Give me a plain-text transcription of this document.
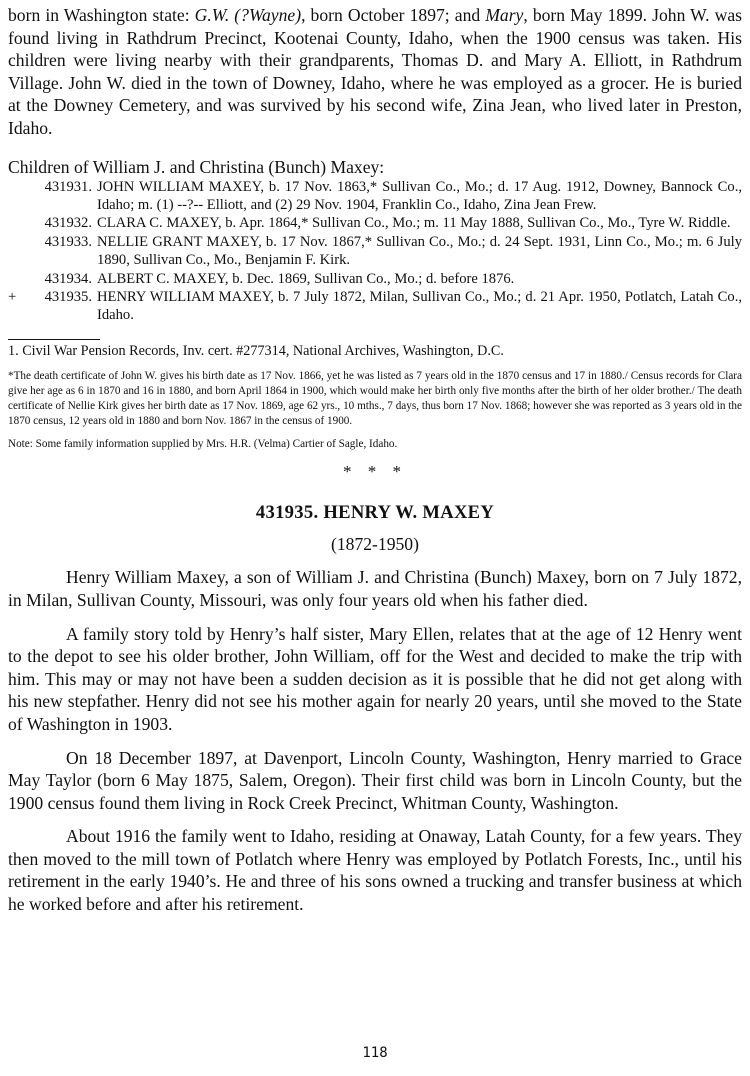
born in Washington state: G.W. (?Wayne), born October 1897; and Mary, born May 1899. John W. was found living in Rathdrum Precinct, Kootenai County, Idaho, when the 1900 census was taken. His children were living nearby with their grandparents, Thomas D. and Mary A. Elliott, in Rathdrum Village. John W. died in the town of Downey, Idaho, where he was employed as a grocer. He is buried at the Downey Cemetery, and was survived by his second wife, Zina Jean, who lived later in Preston, Idaho.

Children of William J. and Christina (Bunch) Maxey:

431931. JOHN WILLIAM MAXEY, b. 17 Nov. 1863,* Sullivan Co., Mo.; d. 17 Aug. 1912, Downey, Bannock Co., Idaho; m. (1) --?-- Elliott, and (2) 29 Nov. 1904, Franklin Co., Idaho, Zina Jean Frew.
431932. CLARA C. MAXEY, b. Apr. 1864,* Sullivan Co., Mo.; m. 11 May 1888, Sullivan Co., Mo., Tyre W. Riddle.
431933. NELLIE GRANT MAXEY, b. 17 Nov. 1867,* Sullivan Co., Mo.; d. 24 Sept. 1931, Linn Co., Mo.; m. 6 July 1890, Sullivan Co., Mo., Benjamin F. Kirk.
431934. ALBERT C. MAXEY, b. Dec. 1869, Sullivan Co., Mo.; d. before 1876.
+	431935. HENRY WILLIAM MAXEY, b. 7 July 1872, Milan, Sullivan Co., Mo.; d. 21 Apr. 1950, Potlatch, Latah Co., Idaho.

1. Civil War Pension Records, Inv. cert. #277314, National Archives, Washington, D.C.

*The death certificate of John W. gives his birth date as 17 Nov. 1866, yet he was listed as 7 years old in the 1870 census and 17 in 1880./ Census records for Clara give her age as 6 in 1870 and 16 in 1880, and born April 1864 in 1900, which would make her birth only five months after the birth of her older brother./ The death certificate of Nellie Kirk gives her birth date as 17 Nov. 1869, age 62 yrs., 10 mths., 7 days, thus born 17 Nov. 1868; however she was reported as 3 years old in the 1870 census, 12 years old in 1880 and born Nov. 1867 in the census of 1900.

Note: Some family information supplied by Mrs. H.R. (Velma) Cartier of Sagle, Idaho.

* * *
431935. HENRY W. MAXEY
(1872-1950)

Henry William Maxey, a son of William J. and Christina (Bunch) Maxey, born on 7 July 1872, in Milan, Sullivan County, Missouri, was only four years old when his father died.

A family story told by Henry’s half sister, Mary Ellen, relates that at the age of 12 Henry went to the depot to see his older brother, John William, off for the West and decided to make the trip with him. This may or may not have been a sudden decision as it is possible that he did not get along with his new stepfather. Henry did not see his mother again for nearly 20 years, until she moved to the State of Washington in 1903.

On 18 December 1897, at Davenport, Lincoln County, Washington, Henry married to Grace May Taylor (born 6 May 1875, Salem, Oregon). Their first child was born in Lincoln County, but the 1900 census found them living in Rock Creek Precinct, Whitman County, Washington.

About 1916 the family went to Idaho, residing at Onaway, Latah County, for a few years. They then moved to the mill town of Potlatch where Henry was employed by Potlatch Forests, Inc., until his retirement in the early 1940’s. He and three of his sons owned a trucking and transfer business at which he worked before and after his retirement.

118
